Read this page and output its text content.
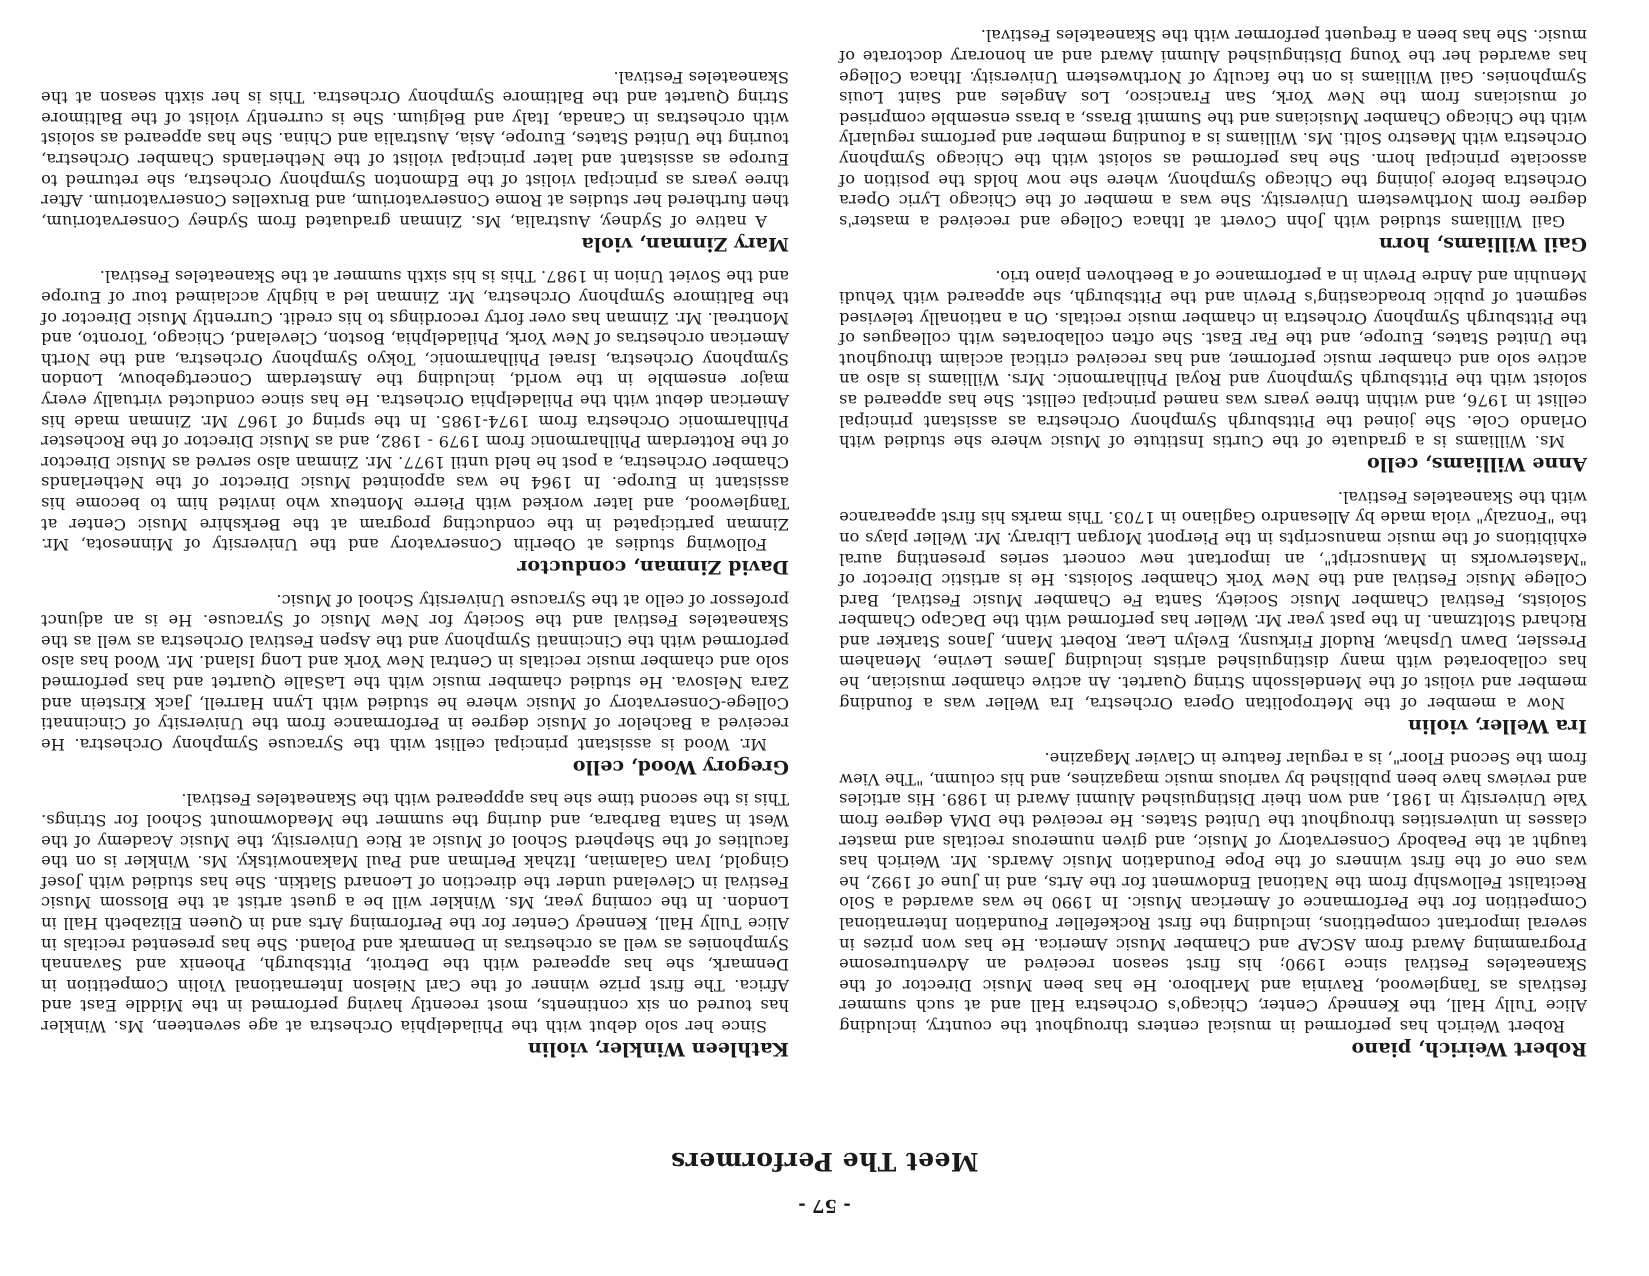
Meet The Performers
Robert Weirich, piano

Robert Weirich has performed in musical centers throughout the country, including Alice Tully Hall, the Kennedy Center, Chicago's Orchestra Hall and at such summer festivals as Tanglewood, Ravinia and Marlboro. He has been Music Director of the Skaneateles Festival since 1990; his first season received an Adventuresome Programming Award from ASCAP and Chamber Music America. He has won prizes in several important competitions, including the first Rockefeller Foundation International Competition for the Performance of American Music. In 1990 he was awarded a Solo Recitalist Fellowship from the National Endowment for the Arts, and in June of 1992, he was one of the first winners of the Pope Foundation Music Awards. Mr. Weirich has taught at the Peabody Conservatory of Music, and given numerous recitals and master classes in universities throughout the United States. He received the DMA degree from Yale University in 1981, and won their Distinguished Alumni Award in 1989. His articles and reviews have been published by various music magazines, and his column, "The View from the Second Floor", is a regular feature in Clavier Magazine.

Ira Weller, violin

Now a member of the Metropolitan Opera Orchestra, Ira Weller was a founding member and violist of the Mendelssohn String Quartet. An active chamber musician, he has collaborated with many distinguished artists including James Levine, Menahem Pressler, Dawn Upshaw, Rudolf Firkusny, Evelyn Lear, Robert Mann, Janos Starker and Richard Stoltzman. In the past year Mr. Weller has performed with the DaCapo Chamber Soloists, Festival Chamber Music Society, Santa Fe Chamber Music Festival, Bard College Music Festival and the New York Chamber Soloists. He is artistic Director of "Masterworks in Manuscript", an important new concert series presenting aural exhibitions of the music manuscripts in the Pierpont Morgan Library. Mr. Weller plays on the "Fonzaly" viola made by Allesandro Gagliano in 1703. This marks his first appearance with the Skaneateles Festival.

Anne Williams, cello

Ms. Williams is a graduate of the Curtis Institute of Music where she studied with Orlando Cole. She joined the Pittsburgh Symphony Orchestra as assistant principal cellist in 1976, and within three years was named principal cellist. She has appeared as soloist with the Pittsburgh Symphony and Royal Philharmonic. Mrs. Williams is also an active solo and chamber music performer, and has received critical acclaim throughout the United States, Europe, and the Far East. She often collaborates with colleagues of the Pittsburgh Symphony Orchestra in chamber music recitals. On a nationally televised segment of public broadcasting's Previn and the Pittsburgh, she appeared with Yehudi Menuhin and Andre Previn in a performance of a Beethoven piano trio.

Gail Williams, horn

Gail Williams studied with John Covert at Ithaca College and received a master's degree from Northwestern University. She was a member of the Chicago Lyric Opera Orchestra before joining the Chicago Symphony, where she now holds the position of associate principal horn. She has performed as soloist with the Chicago Symphony Orchestra with Maestro Solti. Ms. Williams is a founding member and performs regularly with the Chicago Chamber Musicians and the Summit Brass, a brass ensemble comprised of musicians from the New York, San Francisco, Los Angeles and Saint Louis Symphonies. Gail Williams is on the faculty of Northwestern University. Ithaca College has awarded her the Young Distinguished Alumni Award and an honorary doctorate of music. She has been a frequent performer with the Skaneateles Festival.

Kathleen Winkler, violin

Since her solo debut with the Philadelphia Orchestra at age seventeen, Ms. Winkler has toured on six continents, most recently having performed in the Middle East and Africa. The first prize winner of the Carl Nielson International Violin Competition in Denmark, she has appeared with the Detroit, Pittsburgh, Phoenix and Savannah Symphonies as well as orchestras in Denmark and Poland. She has presented recitals in Alice Tully Hall, Kennedy Center for the Performing Arts and in Queen Elizabeth Hall in London. In the coming year, Ms. Winkler will be a guest artist at the Blossom Music Festival in Cleveland under the direction of Leonard Slatkin. She has studied with Josef Gingold, Ivan Galamian, Itzhak Perlman and Paul Makanowitsky. Ms. Winkler is on the faculties of the Shepherd School of Music at Rice University, the Music Academy of the West in Santa Barbara, and during the summer the Meadowmount School for Strings. This is the second time she has apppeared with the Skaneateles Festival.

Gregory Wood, cello

Mr. Wood is assistant principal cellist with the Syracuse Symphony Orchestra. He received a Bachelor of Music degree in Performance from the University of Cincinnati College-Conservatory of Music where he studied with Lynn Harrell, Jack Kirstein and Zara Nelsova. He studied chamber music with the LaSalle Quartet and has performed solo and chamber music recitals in Central New York and Long Island. Mr. Wood has also performed with the Cincinnati Symphony and the Aspen Festival Orchestra as well as the Skaneateles Festival and the Society for New Music of Syracuse. He is an adjunct professor of cello at the Syracuse University School of Music.

David Zinman, conductor

Following studies at Oberlin Conservatory and the University of Minnesota, Mr. Zinman participated in the conducting program at the Berkshire Music Center at Tanglewood, and later worked with Pierre Monteux who invited him to become his assistant in Europe. In 1964 he was appointed Music Director of the Netherlands Chamber Orchestra, a post he held until 1977. Mr. Zinman also served as Music Director of the Rotterdam Philharmonic from 1979 - 1982, and as Music Director of the Rochester Philharmonic Orchestra from 1974-1985. In the spring of 1967 Mr. Zinman made his American debut with the Philadelphia Orchestra. He has since conducted virtually every major ensemble in the world, including the Amsterdam Concertgebouw, London Symphony Orchestra, Israel Philharmonic, Tokyo Symphony Orchestra, and the North American orchestras of New York, Philadelphia, Boston, Cleveland, Chicago, Toronto, and Montreal. Mr. Zinman has over forty recordings to his credit. Currently Music Director of the Baltimore Symphony Orchestra, Mr. Zinman led a highly acclaimed tour of Europe and the Soviet Union in 1987. This is his sixth summer at the Skaneateles Festival.

Mary Zinman, viola

A native of Sydney, Australia, Ms. Zinman graduated from Sydney Conservatorium, then furthered her studies at Rome Conservatorium, and Bruxelles Conservatorium. After three years as principal violist of the Edmonton Symphony Orchestra, she returned to Europe as assistant and later principal violist of the Netherlands Chamber Orchestra, touring the United States, Europe, Asia, Australia and China. She has appeared as soloist with orchestras in Canada, Italy and Belgium. She is currently violist of the Baltimore String Quartet and the Baltimore Symphony Orchestra. This is her sixth season at the Skaneateles Festival.

- 57 -
